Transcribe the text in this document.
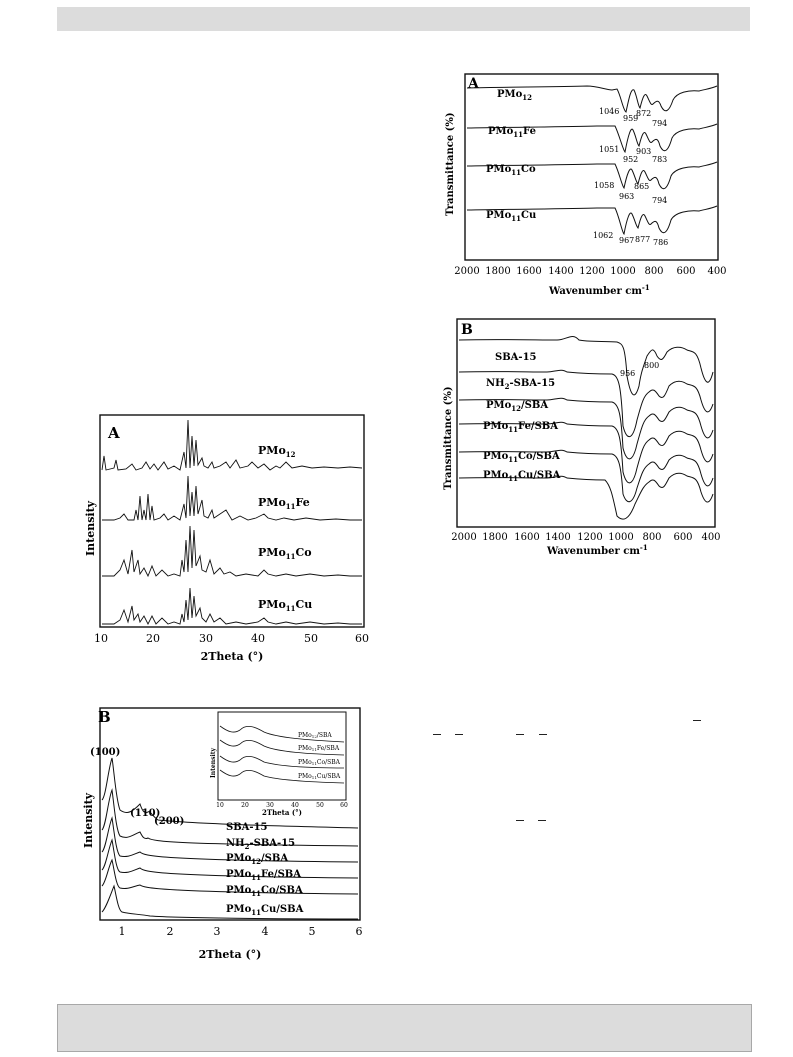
A
PMo$_{12}$
PMo$_{11}$Fe
PMo$_{11}$Co
PMo$_{11}$Cu
1046
959
872
794
1051
952
903
783
1058
963
865
794
1062
967 877 786
Transmittance (%)
2000 1800 1600 1400 1200 1000 800 600 400
Wavenumber $cm^{-1}$
B
SBA-15
$NH_2-SBA-15$
PMo$_{12}$/SBA
PMo$_{11}$Fe/SBA
PMo$_{11}$Co/SBA
PMo$_{11}$Cu/SBA
956
800
Transmittance (%)
2000 1800 1600 1400 1200 1000 800 600 400
Wavenumber $cm^{-1}$
A
PMo$_{12}$
PMo$_{11}$Fe
PMo$_{11}$Co
PMo$_{11}$Cu
Intensity
10	20	30	40	50	60
2Theta (°)
B
(100)
(110)
(200)
SBA-15
$NH_2-SBA-15$
PMo$_{12}$/SBA
PMo$_{11}$Fe/SBA
PMo$_{11}$Co/SBA
PMo$_{11}$Cu/SBA
PMo12/SBA
PMo11Fe/SBA
PMo11Co/SBA
PMo11Cu/SBA
Intensity
10	20	30	40	50	60
2Theta (°)
Intensity
1	2	3	4	5	6
2Theta (°)
